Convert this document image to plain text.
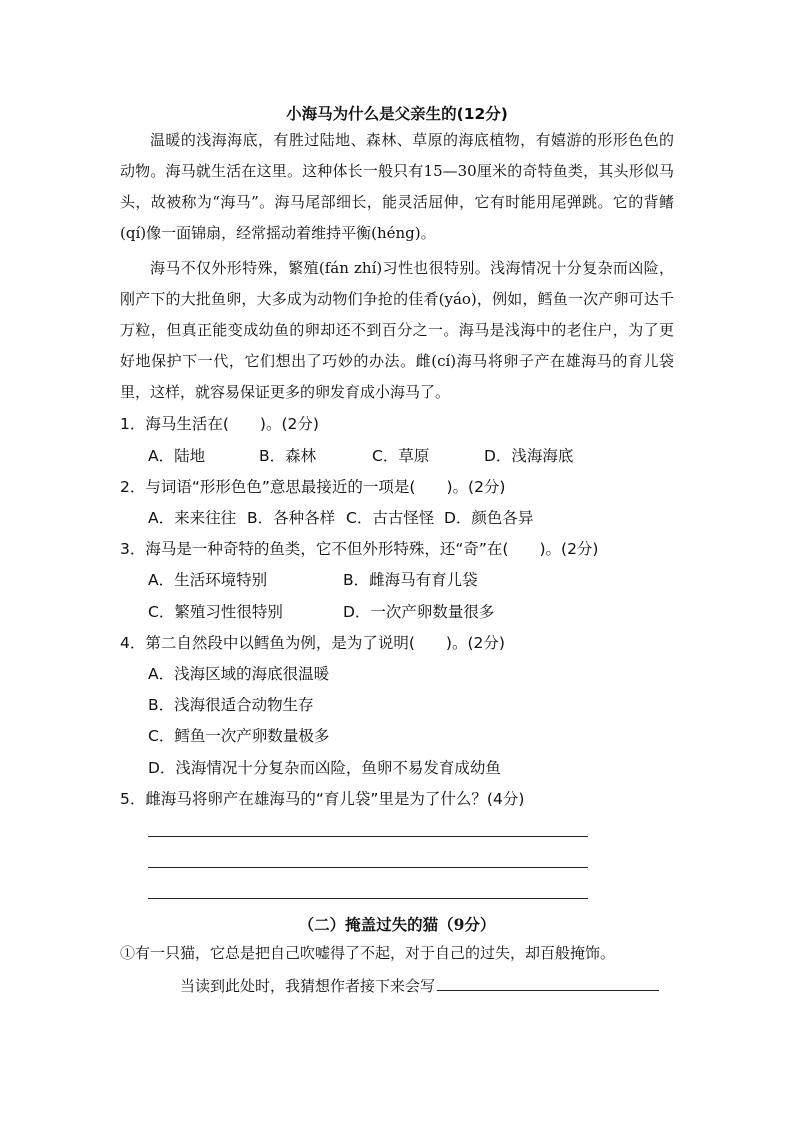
小海马为什么是父亲生的(12分)

温暖的浅海海底，有胜过陆地、森林、草原的海底植物，有嬉游的形形色色的动物。海马就生活在这里。这种体长一般只有15—30厘米的奇特鱼类，其头形似马头，故被称为“海马”。海马尾部细长，能灵活屈伸，它有时能用尾弹跳。它的背鳍(qí)像一面锦扇，经常摇动着维持平衡(héng)。

海马不仅外形特殊，繁殖(fán zhí)习性也很特别。浅海情况十分复杂而凶险，刚产下的大批鱼卵，大多成为动物们争抢的佳肴(yáo)，例如，鳕鱼一次产卵可达千万粒，但真正能变成幼鱼的卵却还不到百分之一。海马是浅海中的老住户，为了更好地保护下一代，它们想出了巧妙的办法。雌(cí)海马将卵子产在雄海马的育儿袋里，这样，就容易保证更多的卵发育成小海马了。

1．海马生活在(　　)。(2分)
A．陆地	B．森林	C．草原	D．浅海海底
2．与词语“形形色色”意思最接近的一项是(　　)。(2分)
A．来来往往 B．各种各样 C．古古怪怪 D．颜色各异
3．海马是一种奇特的鱼类，它不但外形特殊，还“奇”在(　　)。(2分)
A．生活环境特别	B．雌海马有育儿袋
C．繁殖习性很特别	D．一次产卵数量很多
4．第二自然段中以鳕鱼为例，是为了说明(　　)。(2分)
A．浅海区域的海底很温暖
B．浅海很适合动物生存
C．鳕鱼一次产卵数量极多
D．浅海情况十分复杂而凶险，鱼卵不易发育成幼鱼
5．雌海马将卵产在雄海马的“育儿袋”里是为了什么？(4分)
（二）掩盖过失的猫（9分）
①有一只猫，它总是把自己吹嘘得了不起，对于自己的过失，却百般掩饰。
当读到此处时，我猜想作者接下来会写
